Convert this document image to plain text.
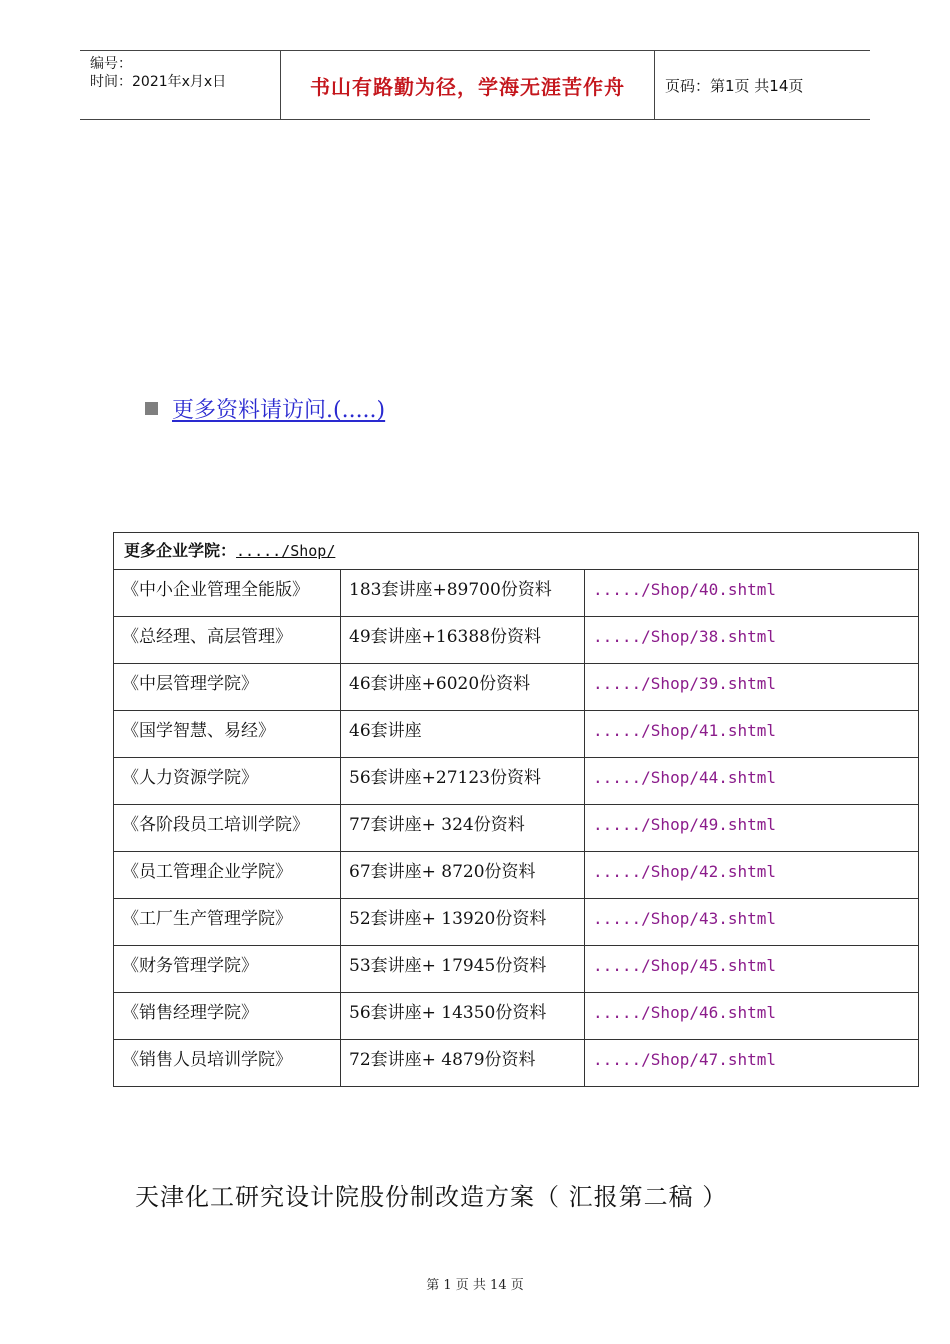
编号：
时间：2021年x月x日	书山有路勤为径，学海无涯苦作舟	页码：第1页 共14页
更多资料请访问.(.....)
更多企业学院：...../Shop/		

《中小企业管理全能版》	183套讲座+89700份资料	...../Shop/40.shtml

《总经理、高层管理》	49套讲座+16388份资料	...../Shop/38.shtml

《中层管理学院》	46套讲座+6020份资料	...../Shop/39.shtml

《国学智慧、易经》	46套讲座	...../Shop/41.shtml

《人力资源学院》	56套讲座+27123份资料	...../Shop/44.shtml

《各阶段员工培训学院》	77套讲座+ 324份资料	...../Shop/49.shtml

《员工管理企业学院》	67套讲座+ 8720份资料	...../Shop/42.shtml

《工厂生产管理学院》	52套讲座+ 13920份资料	...../Shop/43.shtml

《财务管理学院》	53套讲座+ 17945份资料	...../Shop/45.shtml

《销售经理学院》	56套讲座+ 14350份资料	...../Shop/46.shtml

《销售人员培训学院》	72套讲座+ 4879份资料	...../Shop/47.shtml
天津化工研究设计院股份制改造方案（ 汇报第二稿 ）
第 1 页 共 14 页
